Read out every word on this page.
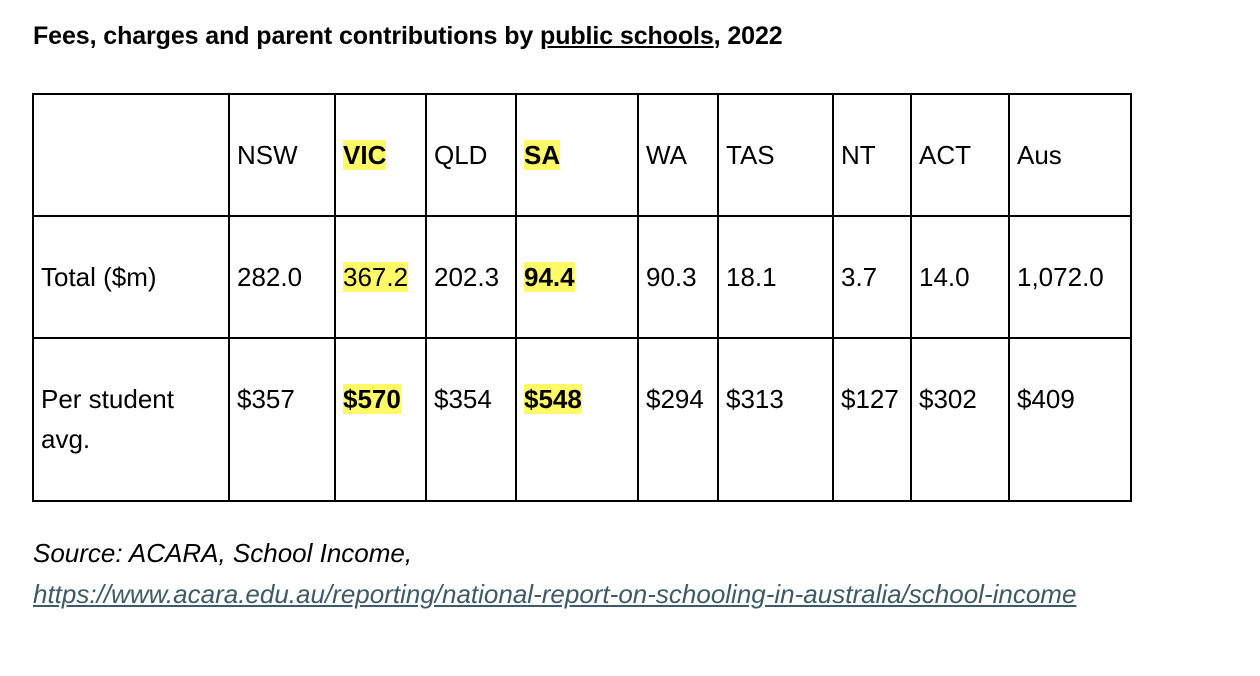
Fees, charges and parent contributions by public schools, 2022
	NSW	VIC	QLD	SA	WA	TAS	NT	ACT	Aus
Total ($m)	282.0	367.2	202.3	94.4	90.3	18.1	3.7	14.0	1,072.0
Per student avg.	$357	$570	$354	$548	$294	$313	$127	$302	$409
Source: ACARA, School Income,
https://www.acara.edu.au/reporting/national-report-on-schooling-in-australia/school-income
